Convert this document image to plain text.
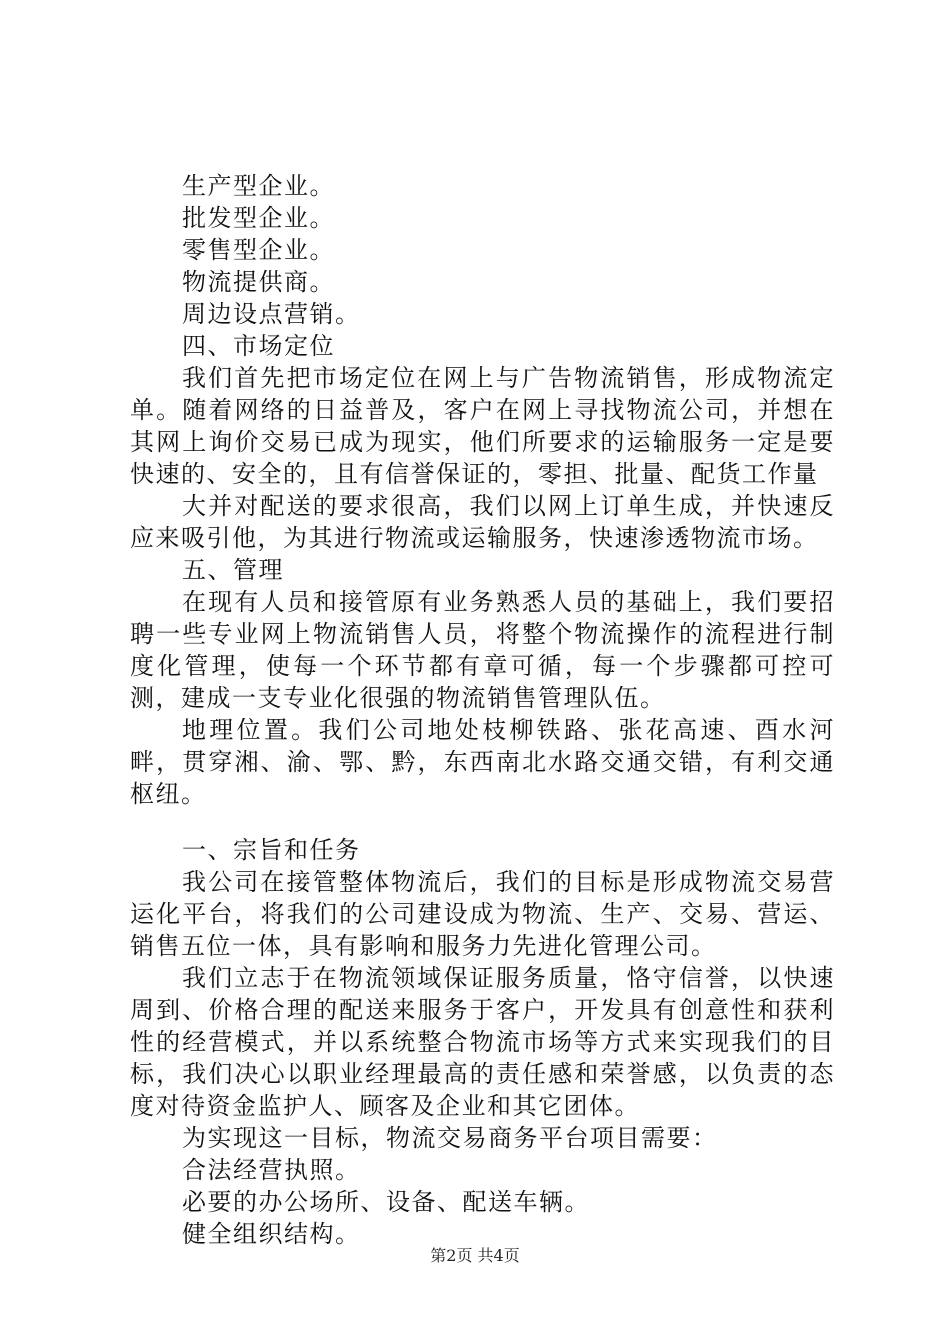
生产型企业。

批发型企业。

零售型企业。

物流提供商。

周边设点营销。

四、市场定位

我们首先把市场定位在网上与广告物流销售，形成物流定单。随着网络的日益普及，客户在网上寻找物流公司，并想在其网上询价交易已成为现实，他们所要求的运输服务一定是要快速的、安全的，且有信誉保证的，零担、批量、配货工作量

大并对配送的要求很高，我们以网上订单生成，并快速反应来吸引他，为其进行物流或运输服务，快速渗透物流市场。

五、管理

在现有人员和接管原有业务熟悉人员的基础上，我们要招聘一些专业网上物流销售人员，将整个物流操作的流程进行制度化管理，使每一个环节都有章可循，每一个步骤都可控可测，建成一支专业化很强的物流销售管理队伍。

地理位置。我们公司地处枝柳铁路、张花高速、酉水河畔，贯穿湘、渝、鄂、黔，东西南北水路交通交错，有利交通枢纽。

一、宗旨和任务

我公司在接管整体物流后，我们的目标是形成物流交易营运化平台，将我们的公司建设成为物流、生产、交易、营运、销售五位一体，具有影响和服务力先进化管理公司。

我们立志于在物流领域保证服务质量，恪守信誉，以快速周到、价格合理的配送来服务于客户，开发具有创意性和获利性的经营模式，并以系统整合物流市场等方式来实现我们的目标，我们决心以职业经理最高的责任感和荣誉感，以负责的态度对待资金监护人、顾客及企业和其它团体。

为实现这一目标，物流交易商务平台项目需要：

合法经营执照。

必要的办公场所、设备、配送车辆。

健全组织结构。

第2页 共4页
